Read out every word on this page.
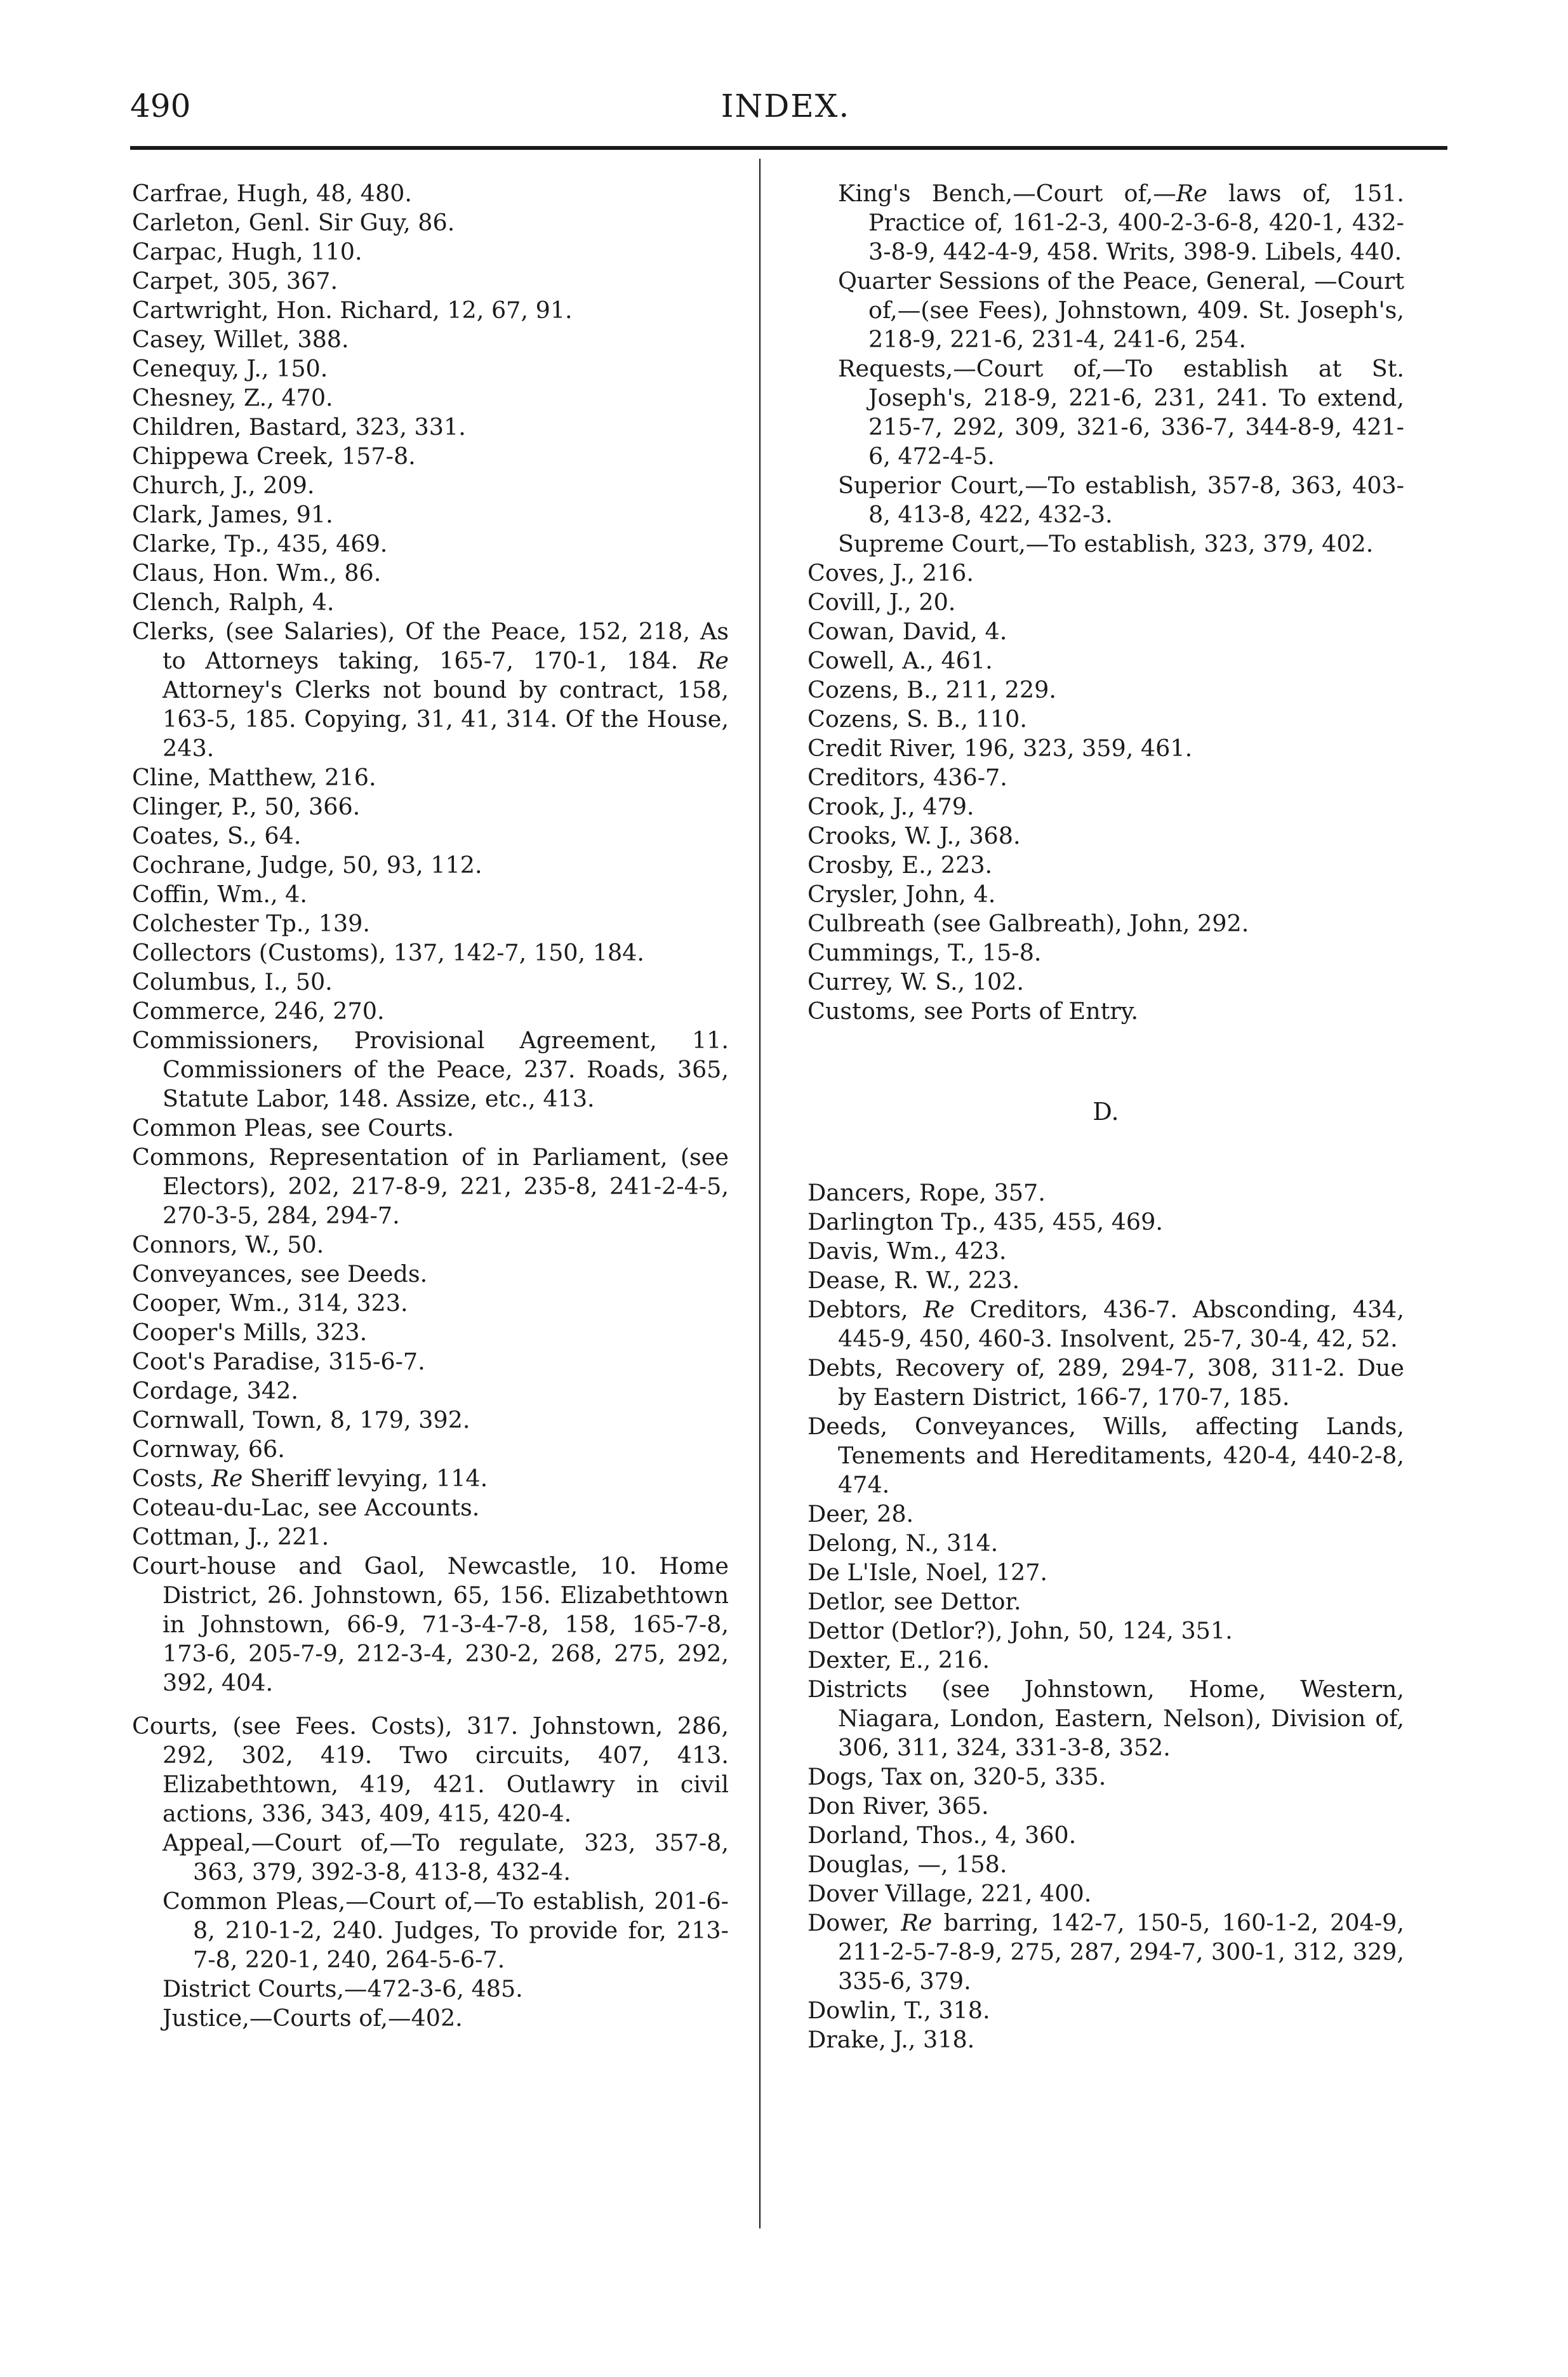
490	INDEX.
Carfrae, Hugh, 48, 480.
Carleton, Genl. Sir Guy, 86.
Carpac, Hugh, 110.
Carpet, 305, 367.
Cartwright, Hon. Richard, 12, 67, 91.
Casey, Willet, 388.
Cenequy, J., 150.
Chesney, Z., 470.
Children, Bastard, 323, 331.
Chippewa Creek, 157-8.
Church, J., 209.
Clark, James, 91.
Clarke, Tp., 435, 469.
Claus, Hon. Wm., 86.
Clench, Ralph, 4.
Clerks, (see Salaries), Of the Peace, 152, 218, As to Attorneys taking, 165-7, 170-1, 184. Re Attorney's Clerks not bound by contract, 158, 163-5, 185. Copying, 31, 41, 314. Of the House, 243.
Cline, Matthew, 216.
Clinger, P., 50, 366.
Coates, S., 64.
Cochrane, Judge, 50, 93, 112.
Coffin, Wm., 4.
Colchester Tp., 139.
Collectors (Customs), 137, 142-7, 150, 184.
Columbus, I., 50.
Commerce, 246, 270.
Commissioners, Provisional Agreement, 11. Commissioners of the Peace, 237. Roads, 365, Statute Labor, 148. Assize, etc., 413.
Common Pleas, see Courts.
Commons, Representation of in Parliament, (see Electors), 202, 217-8-9, 221, 235-8, 241-2-4-5, 270-3-5, 284, 294-7.
Connors, W., 50.
Conveyances, see Deeds.
Cooper, Wm., 314, 323.
Cooper's Mills, 323.
Coot's Paradise, 315-6-7.
Cordage, 342.
Cornwall, Town, 8, 179, 392.
Cornway, 66.
Costs, Re Sheriff levying, 114.
Coteau-du-Lac, see Accounts.
Cottman, J., 221.
Court-house and Gaol, Newcastle, 10. Home District, 26. Johnstown, 65, 156. Elizabethtown in Johnstown, 66-9, 71-3-4-7-8, 158, 165-7-8, 173-6, 205-7-9, 212-3-4, 230-2, 268, 275, 292, 392, 404.
Courts, (see Fees. Costs), 317. Johnstown, 286, 292, 302, 419. Two circuits, 407, 413. Elizabethtown, 419, 421. Outlawry in civil actions, 336, 343, 409, 415, 420-4.
Appeal,—Court of,—To regulate, 323, 357-8, 363, 379, 392-3-8, 413-8, 432-4.
Common Pleas,—Court of,—To establish, 201-6-8, 210-1-2, 240. Judges, To provide for, 213-7-8, 220-1, 240, 264-5-6-7.
District Courts,—472-3-6, 485.
Justice,—Courts of,—402.
King's Bench,—Court of,—Re laws of, 151. Practice of, 161-2-3, 400-2-3-6-8, 420-1, 432-3-8-9, 442-4-9, 458. Writs, 398-9. Libels, 440.
Quarter Sessions of the Peace, General, —Court of,—(see Fees), Johnstown, 409. St. Joseph's, 218-9, 221-6, 231-4, 241-6, 254.
Requests,—Court of,—To establish at St. Joseph's, 218-9, 221-6, 231, 241. To extend, 215-7, 292, 309, 321-6, 336-7, 344-8-9, 421-6, 472-4-5.
Superior Court,—To establish, 357-8, 363, 403-8, 413-8, 422, 432-3.
Supreme Court,—To establish, 323, 379, 402.
Coves, J., 216.
Covill, J., 20.
Cowan, David, 4.
Cowell, A., 461.
Cozens, B., 211, 229.
Cozens, S. B., 110.
Credit River, 196, 323, 359, 461.
Creditors, 436-7.
Crook, J., 479.
Crooks, W. J., 368.
Crosby, E., 223.
Crysler, John, 4.
Culbreath (see Galbreath), John, 292.
Cummings, T., 15-8.
Currey, W. S., 102.
Customs, see Ports of Entry.
D.
Dancers, Rope, 357.
Darlington Tp., 435, 455, 469.
Davis, Wm., 423.
Dease, R. W., 223.
Debtors, Re Creditors, 436-7. Absconding, 434, 445-9, 450, 460-3. Insolvent, 25-7, 30-4, 42, 52.
Debts, Recovery of, 289, 294-7, 308, 311-2. Due by Eastern District, 166-7, 170-7, 185.
Deeds, Conveyances, Wills, affecting Lands, Tenements and Hereditaments, 420-4, 440-2-8, 474.
Deer, 28.
Delong, N., 314.
De L'Isle, Noel, 127.
Detlor, see Dettor.
Dettor (Detlor?), John, 50, 124, 351.
Dexter, E., 216.
Districts (see Johnstown, Home, Western, Niagara, London, Eastern, Nelson), Division of, 306, 311, 324, 331-3-8, 352.
Dogs, Tax on, 320-5, 335.
Don River, 365.
Dorland, Thos., 4, 360.
Douglas, —, 158.
Dover Village, 221, 400.
Dower, Re barring, 142-7, 150-5, 160-1-2, 204-9, 211-2-5-7-8-9, 275, 287, 294-7, 300-1, 312, 329, 335-6, 379.
Dowlin, T., 318.
Drake, J., 318.
